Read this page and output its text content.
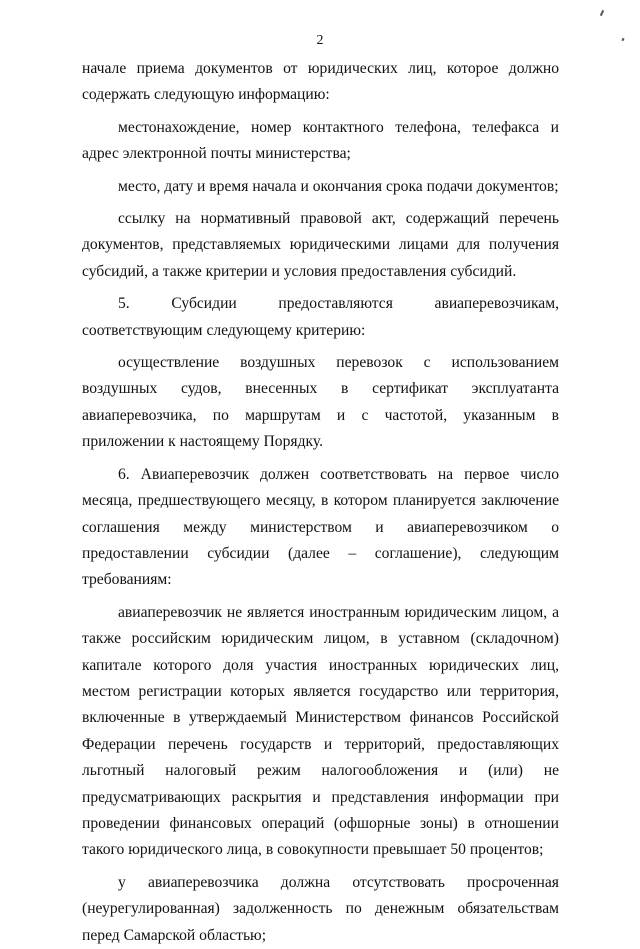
2

начале приема документов от юридических лиц, которое должно содержать следующую информацию:

местонахождение, номер контактного телефона, телефакса и адрес электронной почты министерства;

место, дату и время начала и окончания срока подачи документов;

ссылку на нормативный правовой акт, содержащий перечень документов, представляемых юридическими лицами для получения субсидий, а также критерии и условия предоставления субсидий.

5. Субсидии предоставляются авиаперевозчикам, соответствующим следующему критерию:

осуществление воздушных перевозок с использованием воздушных судов, внесенных в сертификат эксплуатанта авиаперевозчика, по маршрутам и с частотой, указанным в приложении к настоящему Порядку.

6. Авиаперевозчик должен соответствовать на первое число месяца, предшествующего месяцу, в котором планируется заключение соглашения между министерством и авиаперевозчиком о предоставлении субсидии (далее – соглашение), следующим требованиям:

авиаперевозчик не является иностранным юридическим лицом, а также российским юридическим лицом, в уставном (складочном) капитале которого доля участия иностранных юридических лиц, местом регистрации которых является государство или территория, включенные в утверждаемый Министерством финансов Российской Федерации перечень государств и территорий, предоставляющих льготный налоговый режим налогообложения и (или) не предусматривающих раскрытия и представления информации при проведении финансовых операций (офшорные зоны) в отношении такого юридического лица, в совокупности превышает 50 процентов;

у авиаперевозчика должна отсутствовать просроченная (неурегулированная) задолженность по денежным обязательствам перед Самарской областью;
